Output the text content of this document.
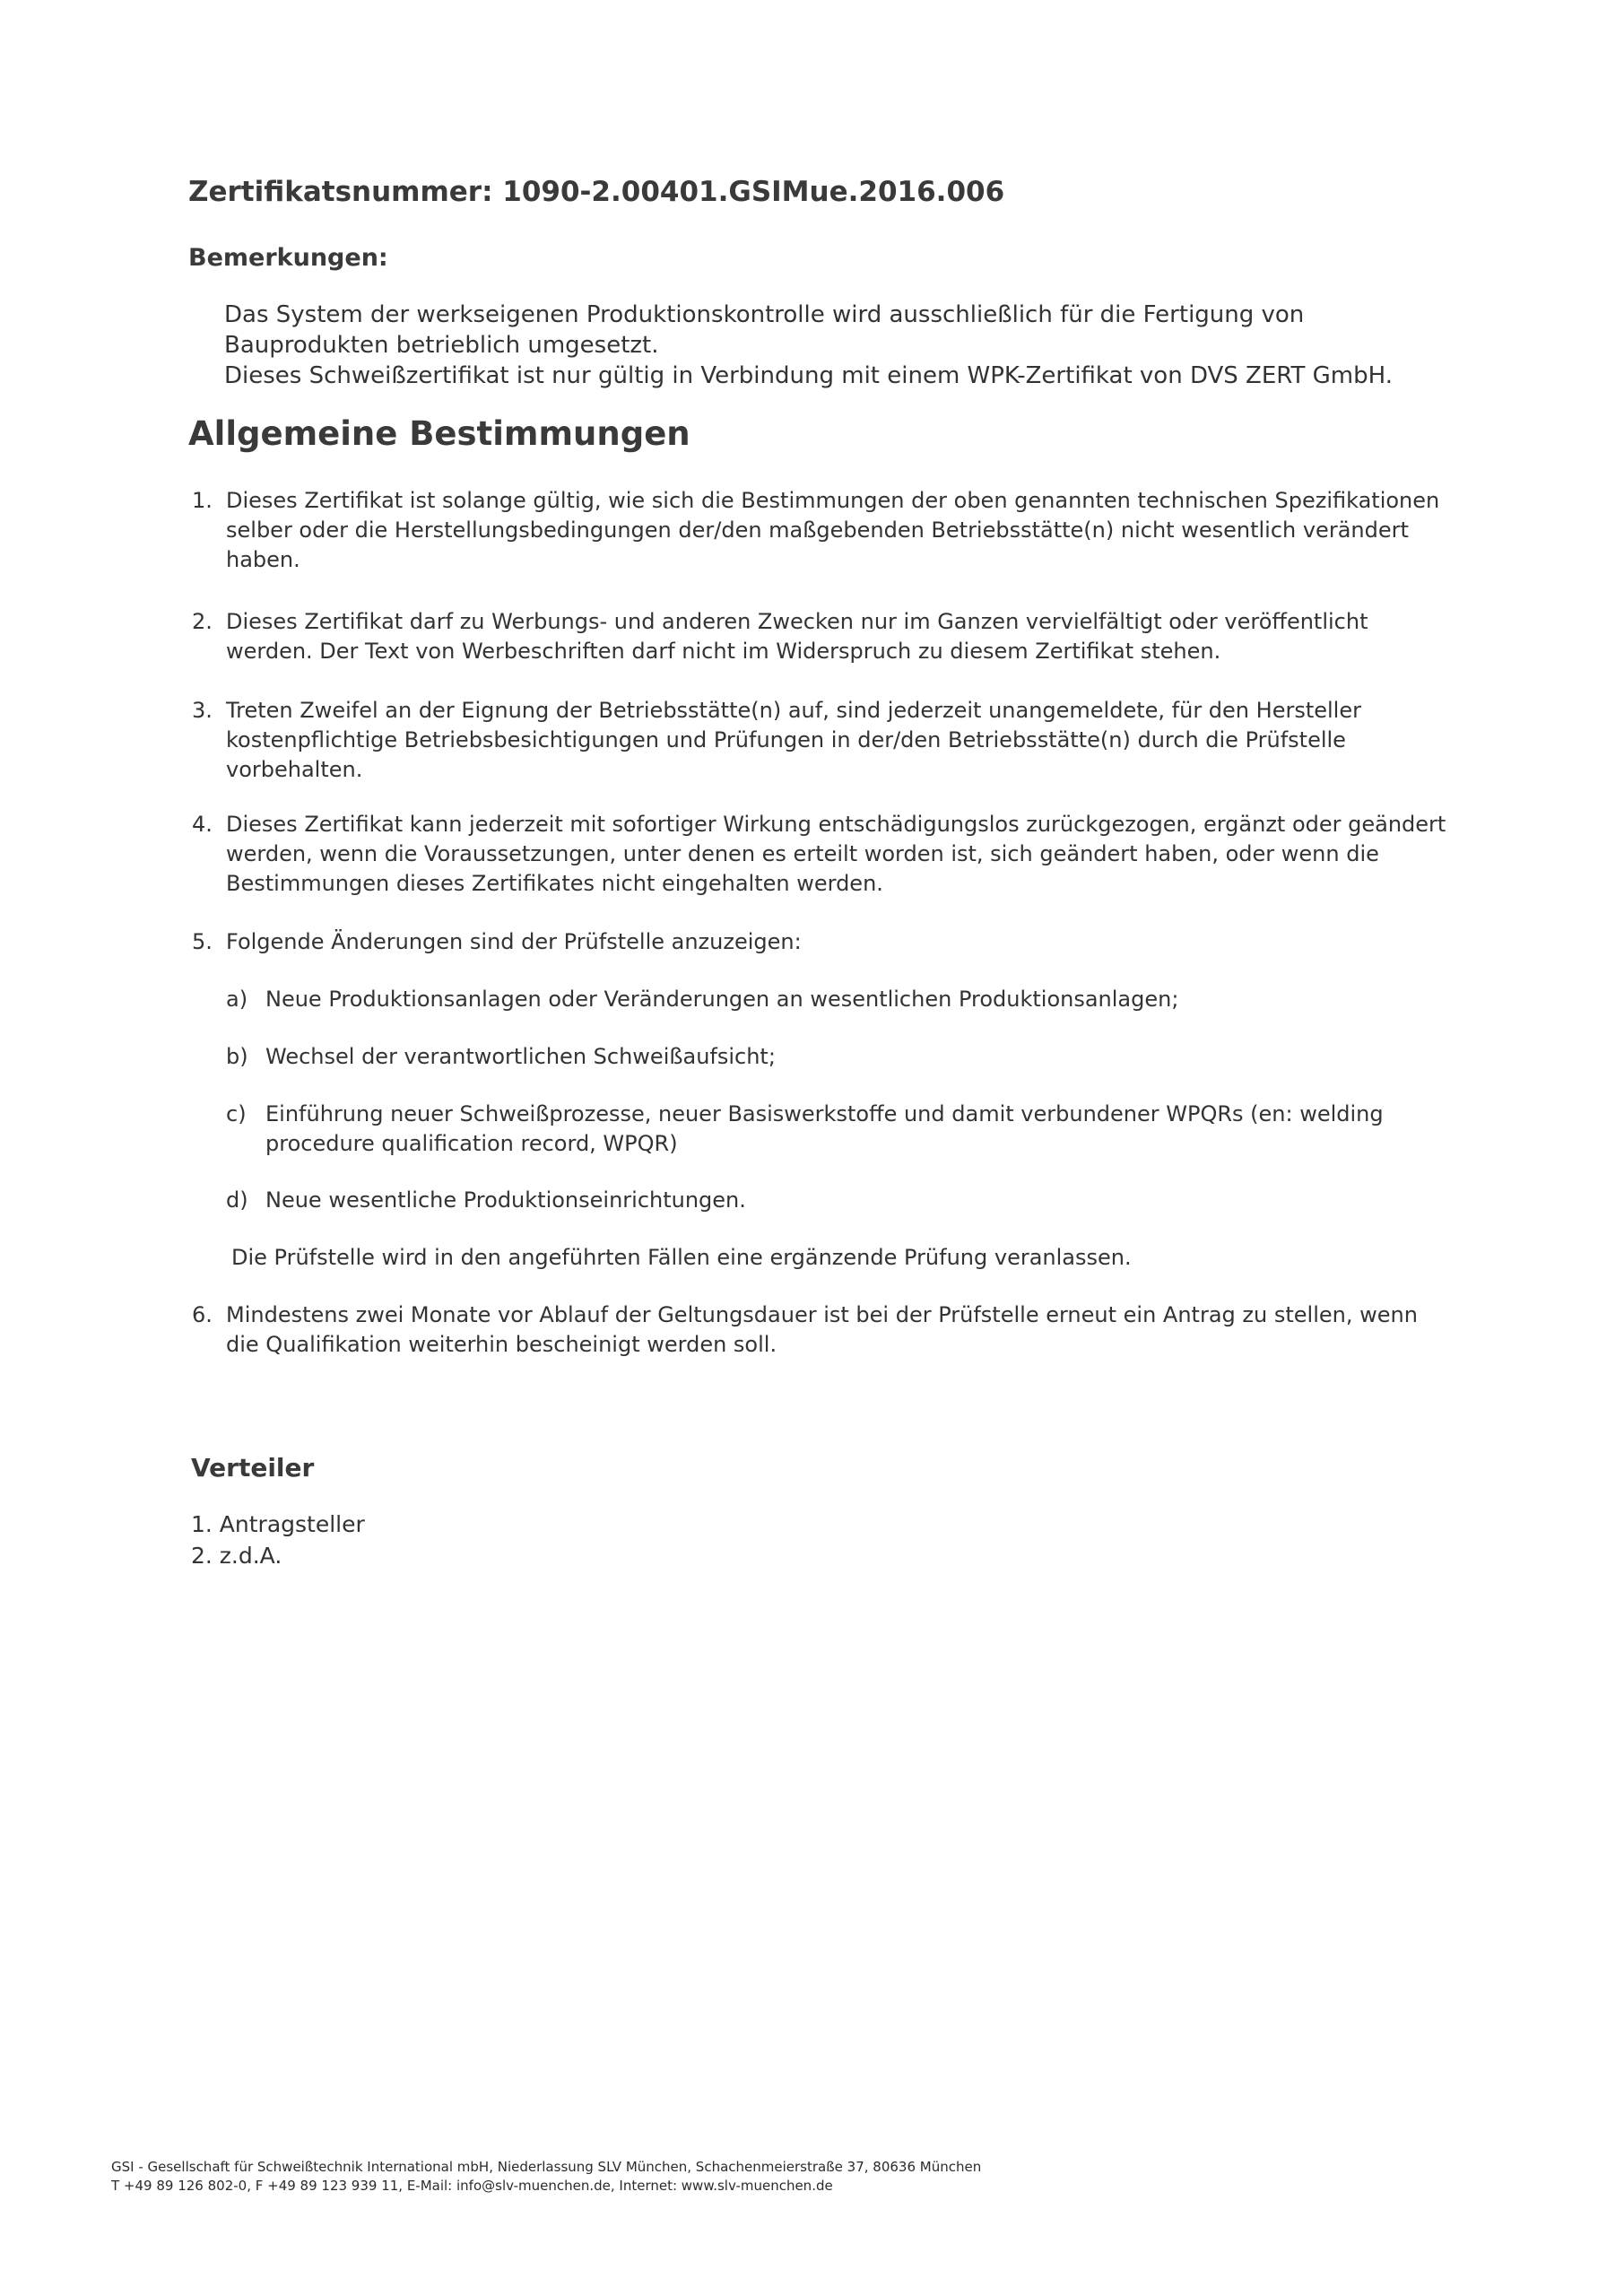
Zertifikatsnummer: 1090-2.00401.GSIMue.2016.006
Bemerkungen:

Das System der werkseigenen Produktionskontrolle wird ausschließlich für die Fertigung von

Bauprodukten betrieblich umgesetzt.

Dieses Schweißzertifikat ist nur gültig in Verbindung mit einem WPK-Zertifikat von DVS ZERT GmbH.

Allgemeine Bestimmungen
1. Dieses Zertifikat ist solange gültig, wie sich die Bestimmungen der oben genannten technischen Spezifikationen selber oder die Herstellungsbedingungen der/den maßgebenden Betriebsstätte(n) nicht wesentlich verändert haben.
2. Dieses Zertifikat darf zu Werbungs- und anderen Zwecken nur im Ganzen vervielfältigt oder veröffentlicht werden. Der Text von Werbeschriften darf nicht im Widerspruch zu diesem Zertifikat stehen.
3. Treten Zweifel an der Eignung der Betriebsstätte(n) auf, sind jederzeit unangemeldete, für den Hersteller kostenpflichtige Betriebsbesichtigungen und Prüfungen in der/den Betriebsstätte(n) durch die Prüfstelle vorbehalten.
4. Dieses Zertifikat kann jederzeit mit sofortiger Wirkung entschädigungslos zurückgezogen, ergänzt oder geändert werden, wenn die Voraussetzungen, unter denen es erteilt worden ist, sich geändert haben, oder wenn die Bestimmungen dieses Zertifikates nicht eingehalten werden.
5. Folgende Änderungen sind der Prüfstelle anzuzeigen:
a) Neue Produktionsanlagen oder Veränderungen an wesentlichen Produktionsanlagen;
b) Wechsel der verantwortlichen Schweißaufsicht;
c) Einführung neuer Schweißprozesse, neuer Basiswerkstoffe und damit verbundener WPQRs (en: welding procedure qualification record, WPQR)
d) Neue wesentliche Produktionseinrichtungen.
Die Prüfstelle wird in den angeführten Fällen eine ergänzende Prüfung veranlassen.
6. Mindestens zwei Monate vor Ablauf der Geltungsdauer ist bei der Prüfstelle erneut ein Antrag zu stellen, wenn die Qualifikation weiterhin bescheinigt werden soll.
Verteiler
1. Antragsteller
2. z.d.A.
GSI - Gesellschaft für Schweißtechnik International mbH, Niederlassung SLV München, Schachenmeierstraße 37, 80636 München
T +49 89 126 802-0, F +49 89 123 939 11, E-Mail: info@slv-muenchen.de, Internet: www.slv-muenchen.de
